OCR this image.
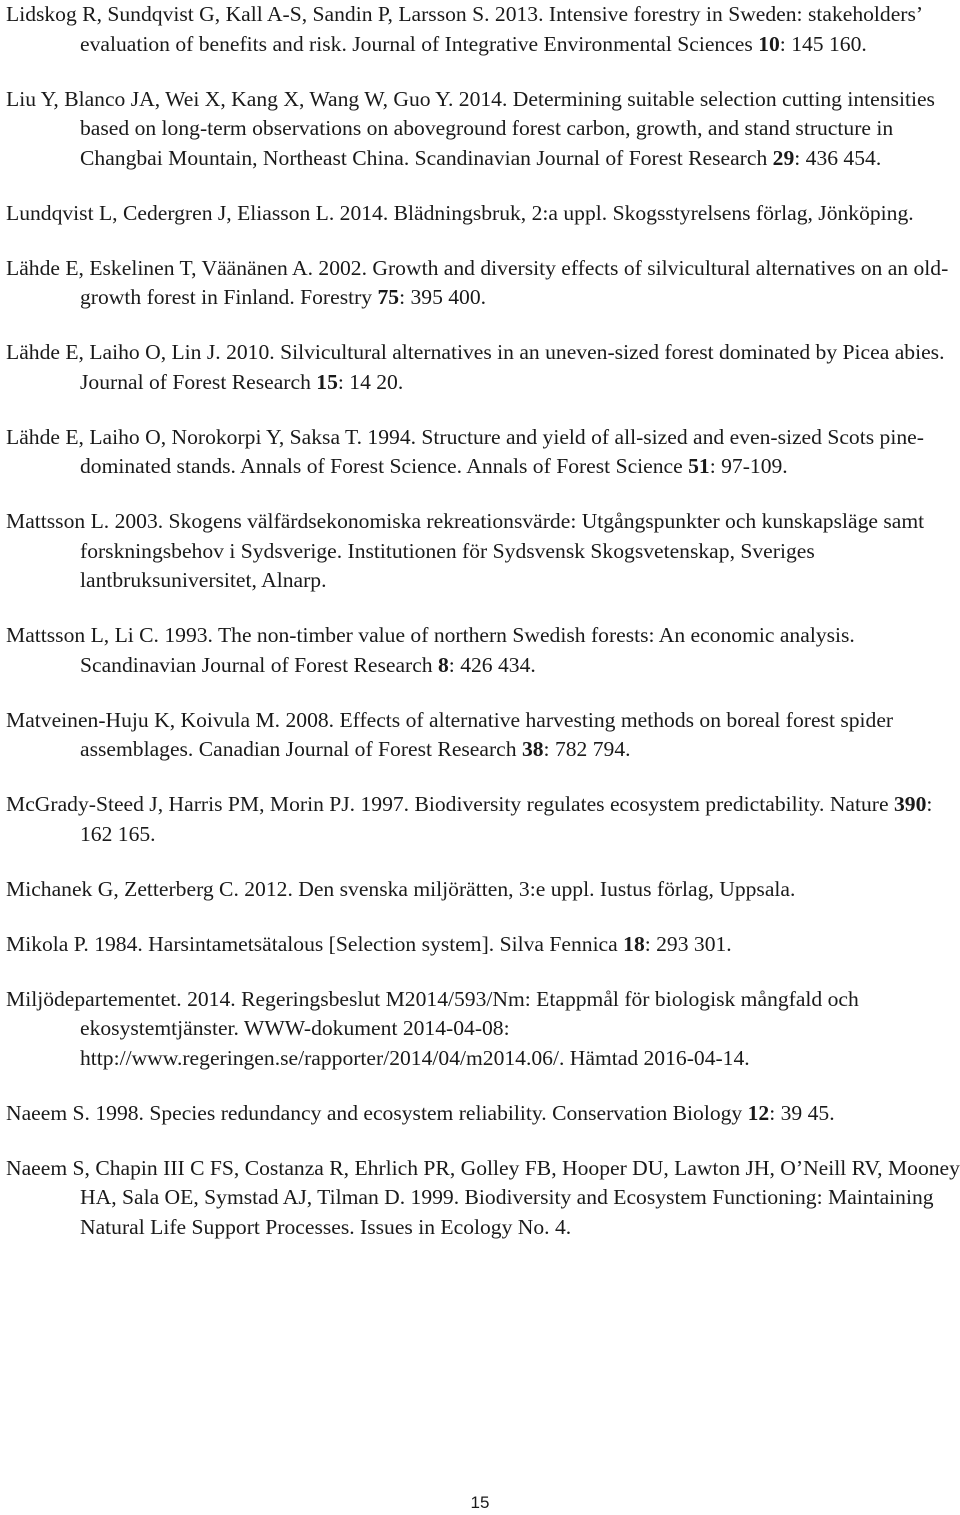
Lidskog R, Sundqvist G, Kall A-S, Sandin P, Larsson S. 2013. Intensive forestry in Sweden: stakeholders’ evaluation of benefits and risk. Journal of Integrative Environmental Sciences 10: 145 160.

Liu Y, Blanco JA, Wei X, Kang X, Wang W, Guo Y. 2014. Determining suitable selection cutting intensities based on long-term observations on aboveground forest carbon, growth, and stand structure in Changbai Mountain, Northeast China. Scandinavian Journal of Forest Research 29: 436 454.

Lundqvist L, Cedergren J, Eliasson L. 2014. Blädningsbruk, 2:a uppl. Skogsstyrelsens förlag, Jönköping.

Lähde E, Eskelinen T, Väänänen A. 2002. Growth and diversity effects of silvicultural alternatives on an old-growth forest in Finland. Forestry 75: 395 400.

Lähde E, Laiho O, Lin J. 2010. Silvicultural alternatives in an uneven-sized forest dominated by Picea abies. Journal of Forest Research 15: 14 20.

Lähde E, Laiho O, Norokorpi Y, Saksa T. 1994. Structure and yield of all-sized and even-sized Scots pine-dominated stands. Annals of Forest Science. Annals of Forest Science 51: 97-109.

Mattsson L. 2003. Skogens välfärdsekonomiska rekreationsvärde: Utgångspunkter och kunskapsläge samt forskningsbehov i Sydsverige. Institutionen för Sydsvensk Skogsvetenskap, Sveriges lantbruksuniversitet, Alnarp.

Mattsson L, Li C. 1993. The non-timber value of northern Swedish forests: An economic analysis. Scandinavian Journal of Forest Research 8: 426 434.

Matveinen-Huju K, Koivula M. 2008. Effects of alternative harvesting methods on boreal forest spider assemblages. Canadian Journal of Forest Research 38: 782 794.

McGrady-Steed J, Harris PM, Morin PJ. 1997. Biodiversity regulates ecosystem predictability. Nature 390: 162 165.

Michanek G, Zetterberg C. 2012. Den svenska miljörätten, 3:e uppl. Iustus förlag, Uppsala.

Mikola P. 1984. Harsintametsätalous [Selection system]. Silva Fennica 18: 293 301.

Miljödepartementet. 2014. Regeringsbeslut M2014/593/Nm: Etappmål för biologisk mångfald och ekosystemtjänster. WWW-dokument 2014-04-08: http://www.regeringen.se/rapporter/2014/04/m2014.06/. Hämtad 2016-04-14.

Naeem S. 1998. Species redundancy and ecosystem reliability. Conservation Biology 12: 39 45.

Naeem S, Chapin III C FS, Costanza R, Ehrlich PR, Golley FB, Hooper DU, Lawton JH, O’Neill RV, Mooney HA, Sala OE, Symstad AJ, Tilman D. 1999. Biodiversity and Ecosystem Functioning: Maintaining Natural Life Support Processes. Issues in Ecology No. 4.

15
